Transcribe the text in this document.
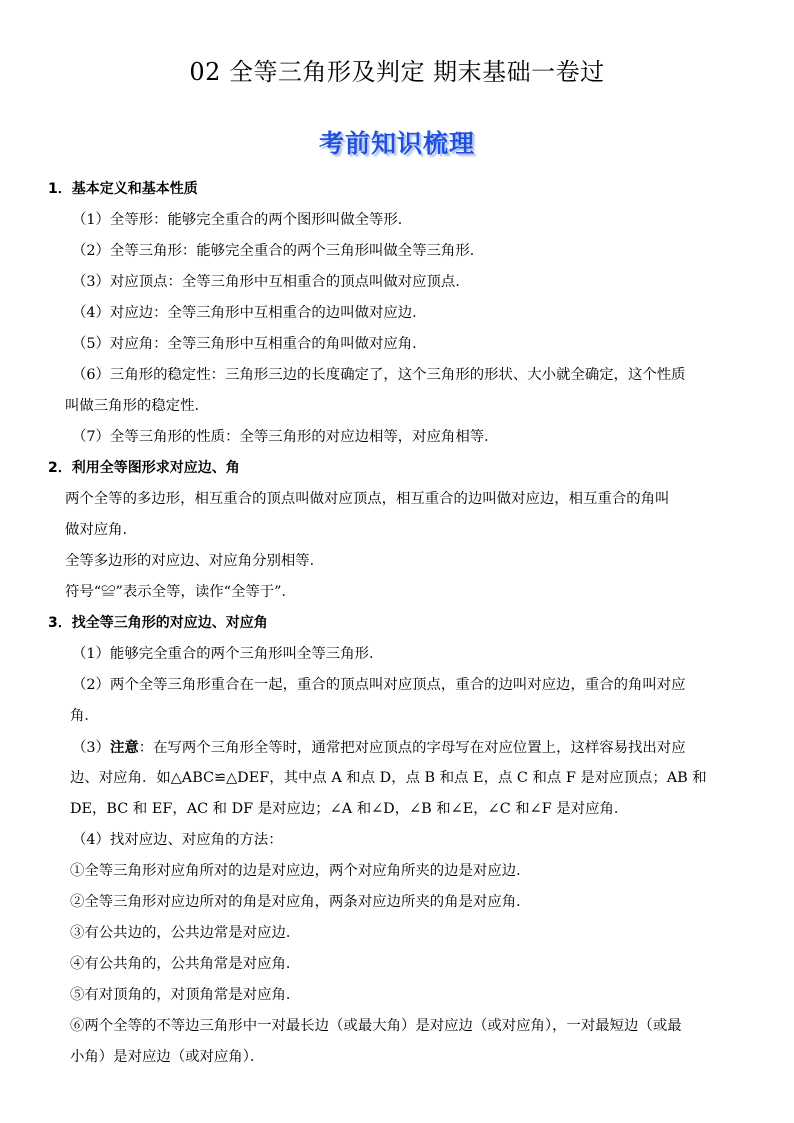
02 全等三角形及判定 期末基础一卷过
考前知识梳理
1．基本定义和基本性质
（1）全等形：能够完全重合的两个图形叫做全等形．
（2）全等三角形：能够完全重合的两个三角形叫做全等三角形．
（3）对应顶点：全等三角形中互相重合的顶点叫做对应顶点．
（4）对应边：全等三角形中互相重合的边叫做对应边．
（5）对应角：全等三角形中互相重合的角叫做对应角．
（6）三角形的稳定性：三角形三边的长度确定了，这个三角形的形状、大小就全确定，这个性质
叫做三角形的稳定性．
（7）全等三角形的性质：全等三角形的对应边相等，对应角相等．
2．利用全等图形求对应边、角
两个全等的多边形，相互重合的顶点叫做对应顶点，相互重合的边叫做对应边，相互重合的角叫
做对应角．
全等多边形的对应边、对应角分别相等．
符号“≌”表示全等，读作“全等于”．
3．找全等三角形的对应边、对应角
（1）能够完全重合的两个三角形叫全等三角形．
（2）两个全等三角形重合在一起，重合的顶点叫对应顶点，重合的边叫对应边，重合的角叫对应
角．
（3）注意：在写两个三角形全等时，通常把对应顶点的字母写在对应位置上，这样容易找出对应
边、对应角．如△ABC≌△DEF，其中点 A 和点 D，点 B 和点 E，点 C 和点 F 是对应顶点；AB 和
DE，BC 和 EF，AC 和 DF 是对应边；∠A 和∠D，∠B 和∠E，∠C 和∠F 是对应角．
（4）找对应边、对应角的方法：
①全等三角形对应角所对的边是对应边，两个对应角所夹的边是对应边．
②全等三角形对应边所对的角是对应角，两条对应边所夹的角是对应角．
③有公共边的，公共边常是对应边．
④有公共角的，公共角常是对应角．
⑤有对顶角的，对顶角常是对应角．
⑥两个全等的不等边三角形中一对最长边（或最大角）是对应边（或对应角），一对最短边（或最
小角）是对应边（或对应角）．
